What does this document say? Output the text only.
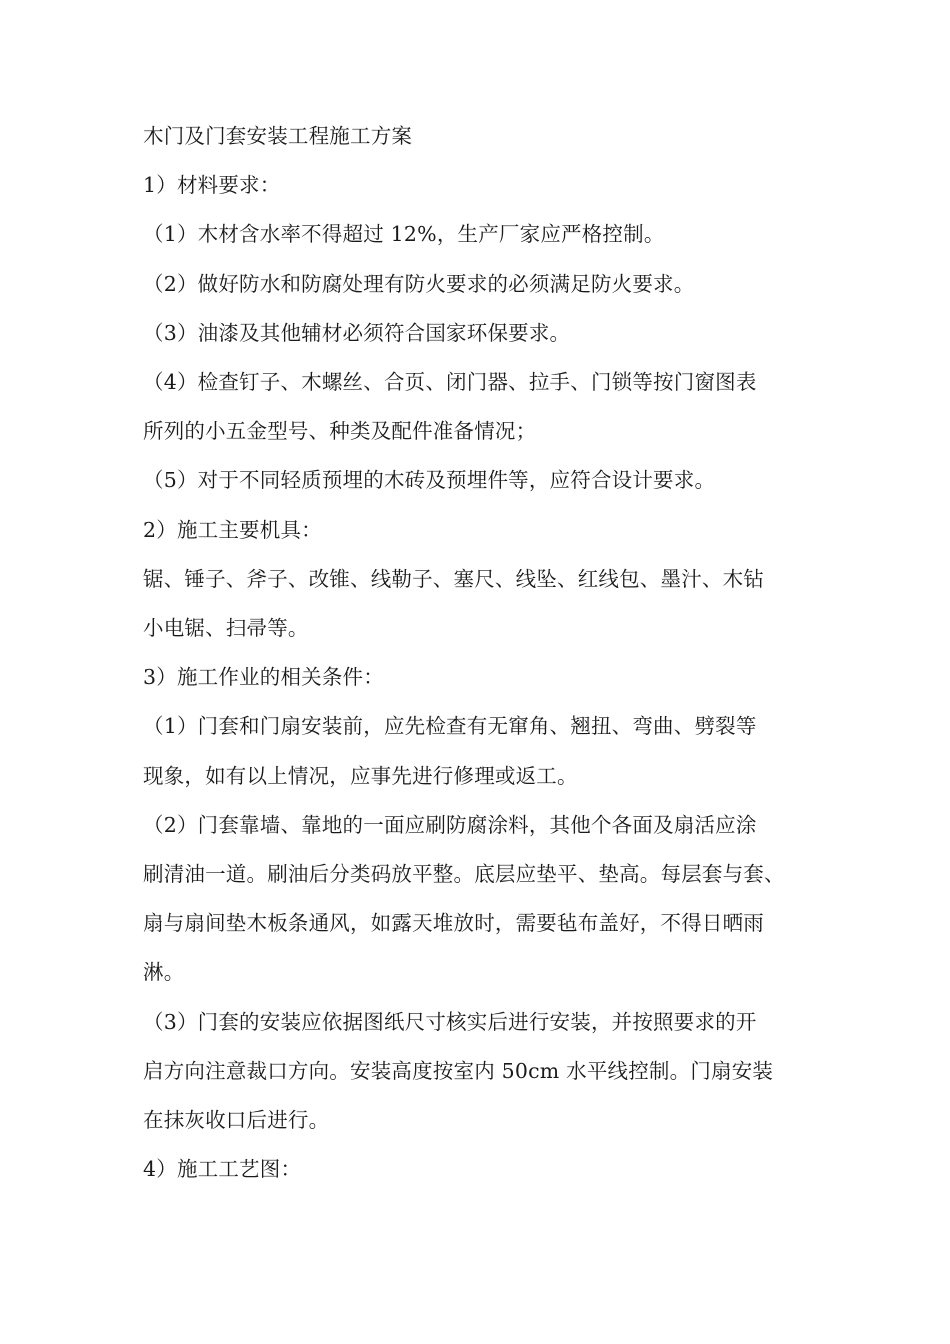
木门及门套安装工程施工方案
1）材料要求：
（1）木材含水率不得超过 12%，生产厂家应严格控制。
（2）做好防水和防腐处理有防火要求的必须满足防火要求。
（3）油漆及其他辅材必须符合国家环保要求。
（4）检查钉子、木螺丝、合页、闭门器、拉手、门锁等按门窗图表
所列的小五金型号、种类及配件准备情况；
（5）对于不同轻质预埋的木砖及预埋件等，应符合设计要求。
2）施工主要机具：
锯、锤子、斧子、改锥、线勒子、塞尺、线坠、红线包、墨汁、木钻
小电锯、扫帚等。
3）施工作业的相关条件：
（1）门套和门扇安装前，应先检查有无窜角、翘扭、弯曲、劈裂等
现象，如有以上情况，应事先进行修理或返工。
（2）门套靠墙、靠地的一面应刷防腐涂料，其他个各面及扇活应涂
刷清油一道。刷油后分类码放平整。底层应垫平、垫高。每层套与套、
扇与扇间垫木板条通风，如露天堆放时，需要毡布盖好，不得日晒雨
淋。
（3）门套的安装应依据图纸尺寸核实后进行安装，并按照要求的开
启方向注意裁口方向。安装高度按室内 50cm 水平线控制。门扇安装
在抹灰收口后进行。
4）施工工艺图：
